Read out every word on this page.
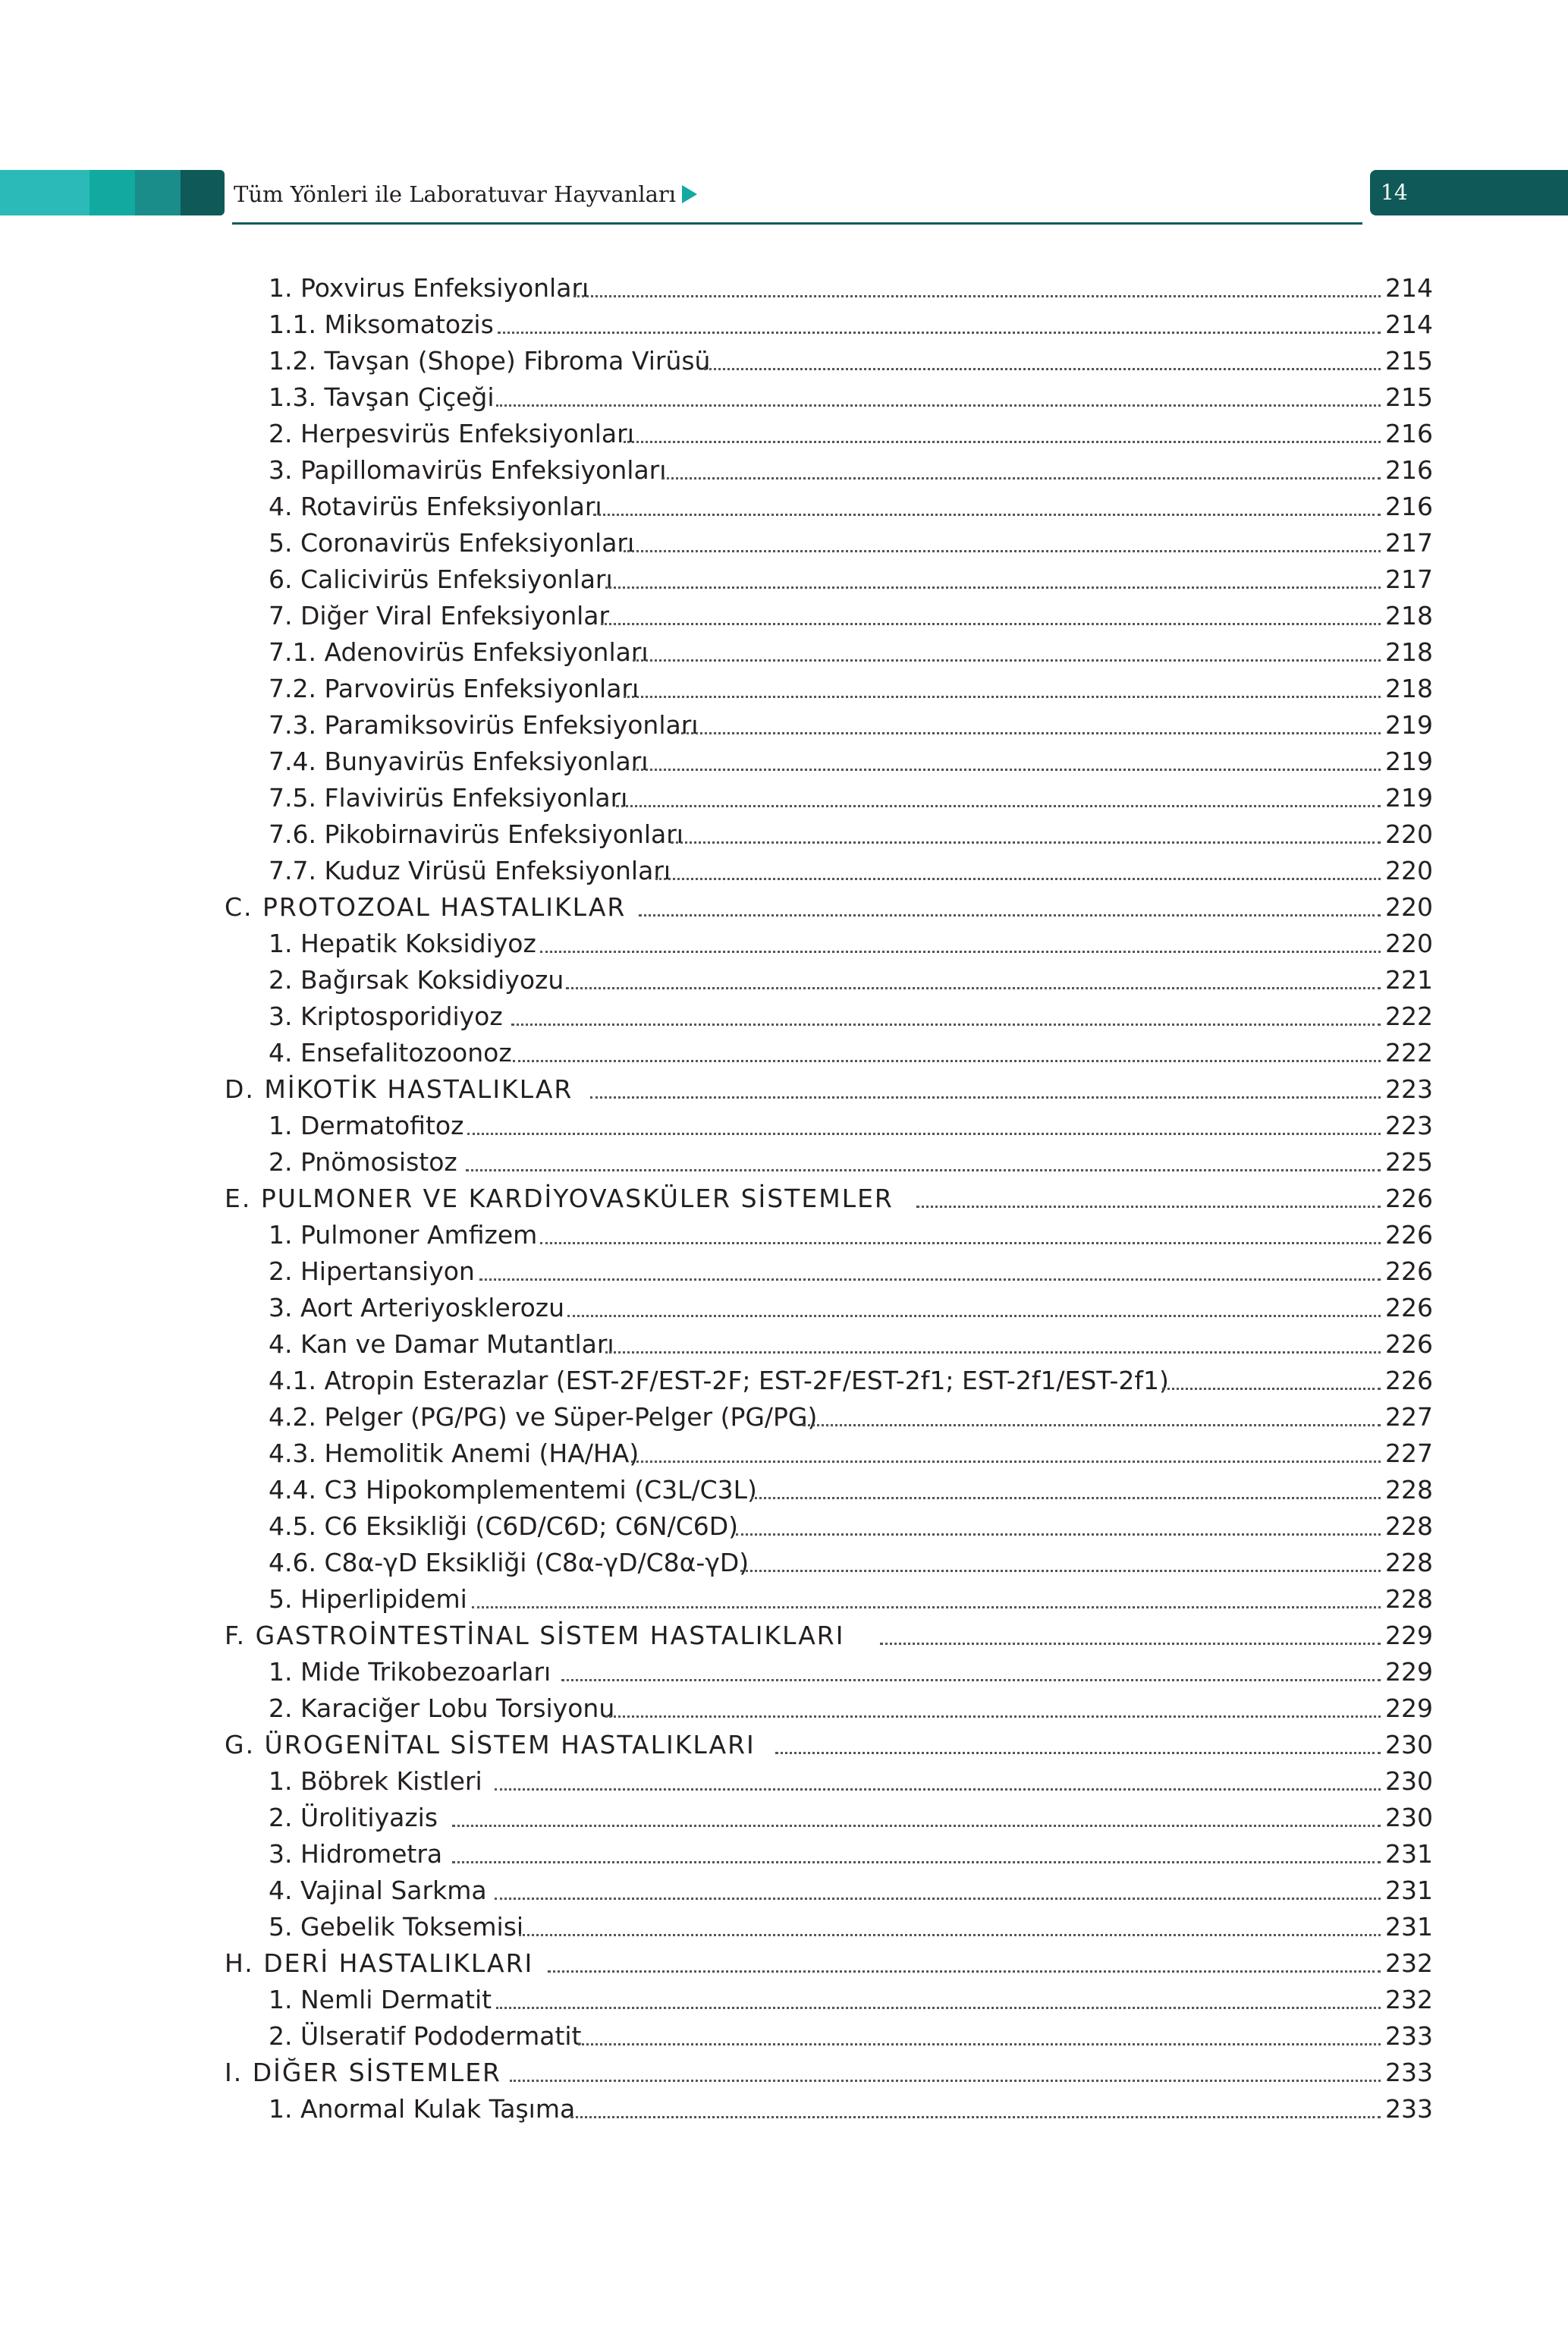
Tüm Yönleri ile Laboratuvar Hayvanları	14
1. Poxvirus Enfeksiyonları	214
1.1. Miksomatozis	214
1.2. Tavşan (Shope) Fibroma Virüsü	215
1.3. Tavşan Çiçeği	215
2. Herpesvirüs Enfeksiyonları	216
3. Papillomavirüs Enfeksiyonları	216
4. Rotavirüs Enfeksiyonları	216
5. Coronavirüs Enfeksiyonları	217
6. Calicivirüs Enfeksiyonları	217
7. Diğer Viral Enfeksiyonlar	218
7.1. Adenovirüs Enfeksiyonları	218
7.2. Parvovirüs Enfeksiyonları	218
7.3. Paramiksovirüs Enfeksiyonları	219
7.4. Bunyavirüs Enfeksiyonları	219
7.5. Flavivirüs Enfeksiyonları	219
7.6. Pikobirnavirüs Enfeksiyonları	220
7.7. Kuduz Virüsü Enfeksiyonları	220
C. PROTOZOAL HASTALIKLAR	220
1. Hepatik Koksidiyoz	220
2. Bağırsak Koksidiyozu	221
3. Kriptosporidiyoz	222
4. Ensefalitozoonoz	222
D. MİKOTİK HASTALIKLAR	223
1. Dermatofitoz	223
2. Pnömosistoz	225
E. PULMONER VE KARDİYOVASKÜLER SİSTEMLER	226
1. Pulmoner Amfizem	226
2. Hipertansiyon	226
3. Aort Arteriyosklerozu	226
4. Kan ve Damar Mutantları	226
4.1. Atropin Esterazlar (EST-2F/EST-2F; EST-2F/EST-2f1; EST-2f1/EST-2f1)	226
4.2. Pelger (PG/PG) ve Süper-Pelger (PG/PG)	227
4.3. Hemolitik Anemi (HA/HA)	227
4.4. C3 Hipokomplementemi (C3L/C3L)	228
4.5. C6 Eksikliği (C6D/C6D; C6N/C6D)	228
4.6. C8α-γD Eksikliği (C8α-γD/C8α-γD)	228
5. Hiperlipidemi	228
F. GASTROİNTESTİNAL SİSTEM HASTALIKLARI	229
1. Mide Trikobezoarları	229
2. Karaciğer Lobu Torsiyonu	229
G. ÜROGENİTAL SİSTEM HASTALIKLARI	230
1. Böbrek Kistleri	230
2. Ürolitiyazis	230
3. Hidrometra	231
4. Vajinal Sarkma	231
5. Gebelik Toksemisi	231
H. DERİ HASTALIKLARI	232
1. Nemli Dermatit	232
2. Ülseratif Pododermatit	233
I. DİĞER SİSTEMLER	233
1. Anormal Kulak Taşıma	233
